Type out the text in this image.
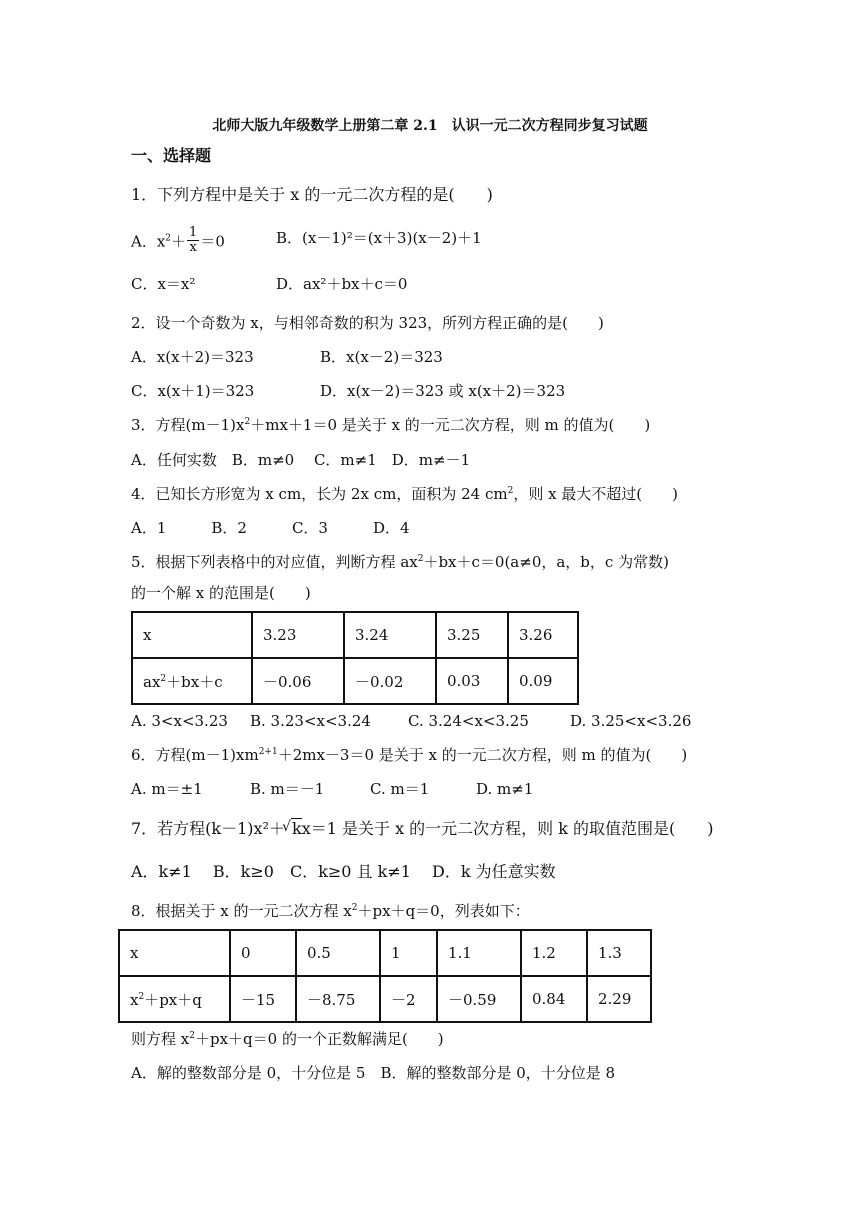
北师大版九年级数学上册第二章 2.1　认识一元二次方程同步复习试题
一、选择题
1．下列方程中是关于 x 的一元二次方程的是(　　)
A．$x^2+ \frac{1}{x} =0$	B．(x－1)²＝(x＋3)(x－2)＋1
C．x＝x²	D．ax²＋bx＋c＝0
2．设一个奇数为 x，与相邻奇数的积为 323，所列方程正确的是(　　)
A．x(x＋2)＝323	B．x(x－2)＝323
C．x(x＋1)＝323	D．x(x－2)＝323 或 x(x＋2)＝323
3．方程$(m-1)x^2+mx+1=0$ 是关于 x 的一元二次方程，则 m 的值为(　　)
A．任何实数　B．m≠0　 C．m≠1　D．m≠－1
4．已知长方形宽为 x cm，长为 2x cm，面积为 24 $cm^2$，则 x 最大不超过(　　)
A．1　　　B．2　　　C．3　　　D．4
5．根据下列表格中的对应值，判断方程 $ax^2+bx+c=0(a\ne 0$，a，b，c 为常数)
的一个解 x 的范围是(　　)
x	3.23	3.24	3.25	3.26
$ax^2+bx+c$	－0.06	－0.02	0.03	0.09
A. 3<x<3.23 B. 3.23<x<3.24 C. 3.24<x<3.25	D. 3.25<x<3.26
6．方程$(m-1)xm^{2+1}+2mx-3=0$ 是关于 x 的一元二次方程，则 m 的值为(　　)
A. m＝±1	B. m＝－1	C. m＝1	D. m≠1
7．若方程(k－1)x²＋ √ kx＝1 是关于 x 的一元二次方程，则 k 的取值范围是(　　)
A．k≠1　 B．k≥0　C．k≥0 且 k≠1　 D．k 为任意实数
8．根据关于 x 的一元二次方程 $x^2+px+q=0$，列表如下：
x	0	0.5	1	1.1	1.2	1.3
$x^2+px+q$	－15	－8.75	－2	－0.59	0.84	2.29
则方程 $x^2+px+q=0$ 的一个正数解满足(　　)
A．解的整数部分是 0，十分位是 5　B．解的整数部分是 0，十分位是 8
